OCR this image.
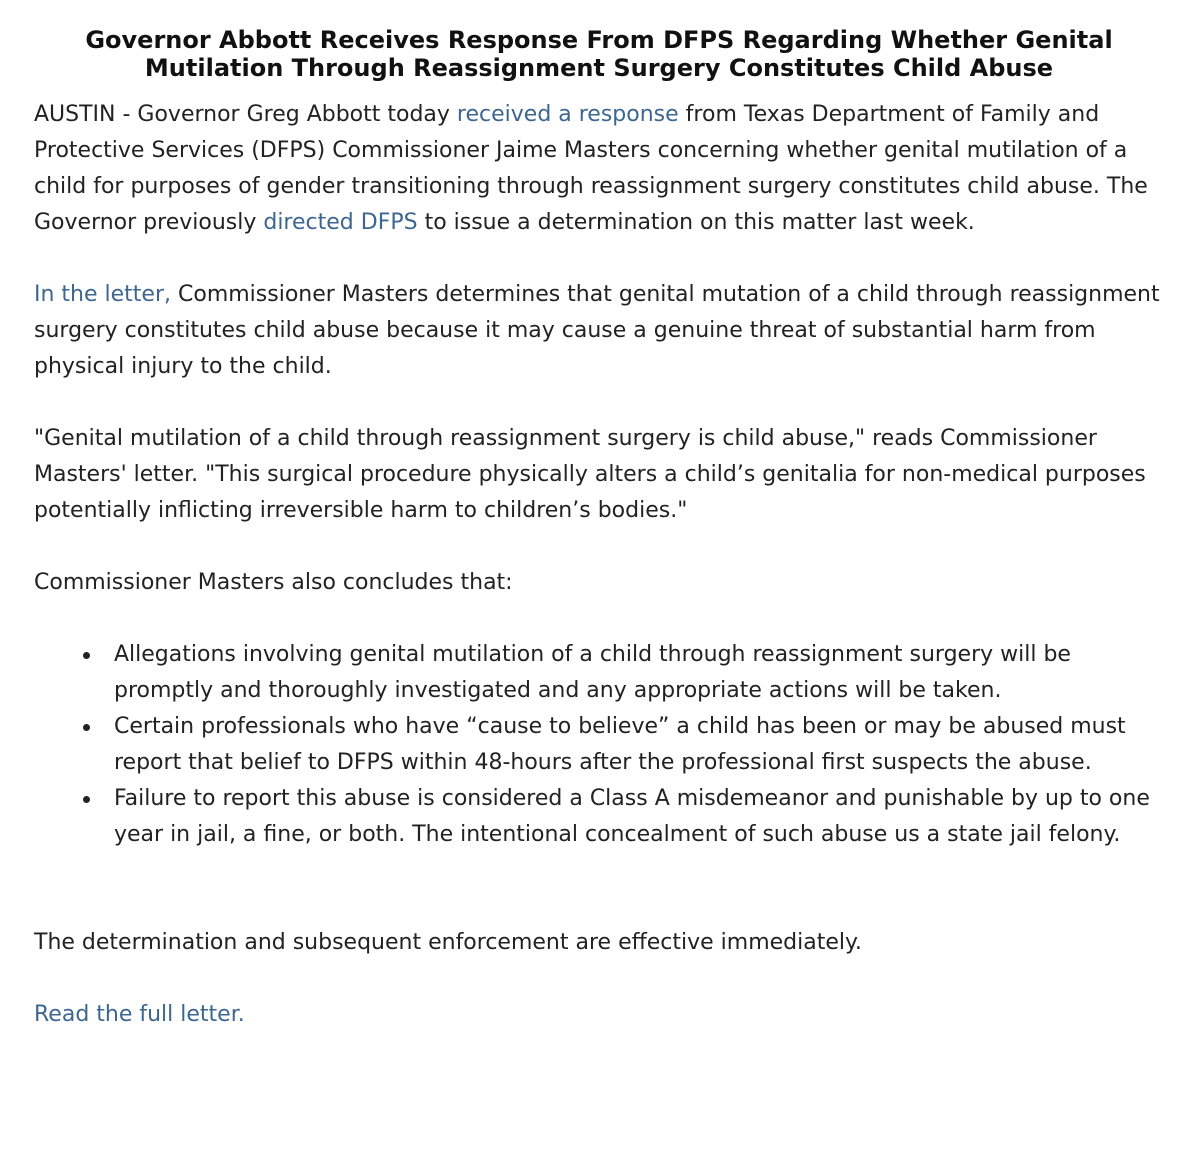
Governor Abbott Receives Response From DFPS Regarding Whether Genital Mutilation Through Reassignment Surgery Constitutes Child Abuse

AUSTIN - Governor Greg Abbott today received a response from Texas Department of Family and Protective Services (DFPS) Commissioner Jaime Masters concerning whether genital mutilation of a child for purposes of gender transitioning through reassignment surgery constitutes child abuse. The Governor previously directed DFPS to issue a determination on this matter last week.

In the letter, Commissioner Masters determines that genital mutation of a child through reassignment surgery constitutes child abuse because it may cause a genuine threat of substantial harm from physical injury to the child.

"Genital mutilation of a child through reassignment surgery is child abuse," reads Commissioner Masters' letter. "This surgical procedure physically alters a child’s genitalia for non-medical purposes potentially inflicting irreversible harm to children’s bodies."

Commissioner Masters also concludes that:

Allegations involving genital mutilation of a child through reassignment surgery will be promptly and thoroughly investigated and any appropriate actions will be taken.
Certain professionals who have “cause to believe” a child has been or may be abused must report that belief to DFPS within 48-hours after the professional first suspects the abuse.
Failure to report this abuse is considered a Class A misdemeanor and punishable by up to one year in jail, a fine, or both. The intentional concealment of such abuse us a state jail felony.

The determination and subsequent enforcement are effective immediately.

Read the full letter.
